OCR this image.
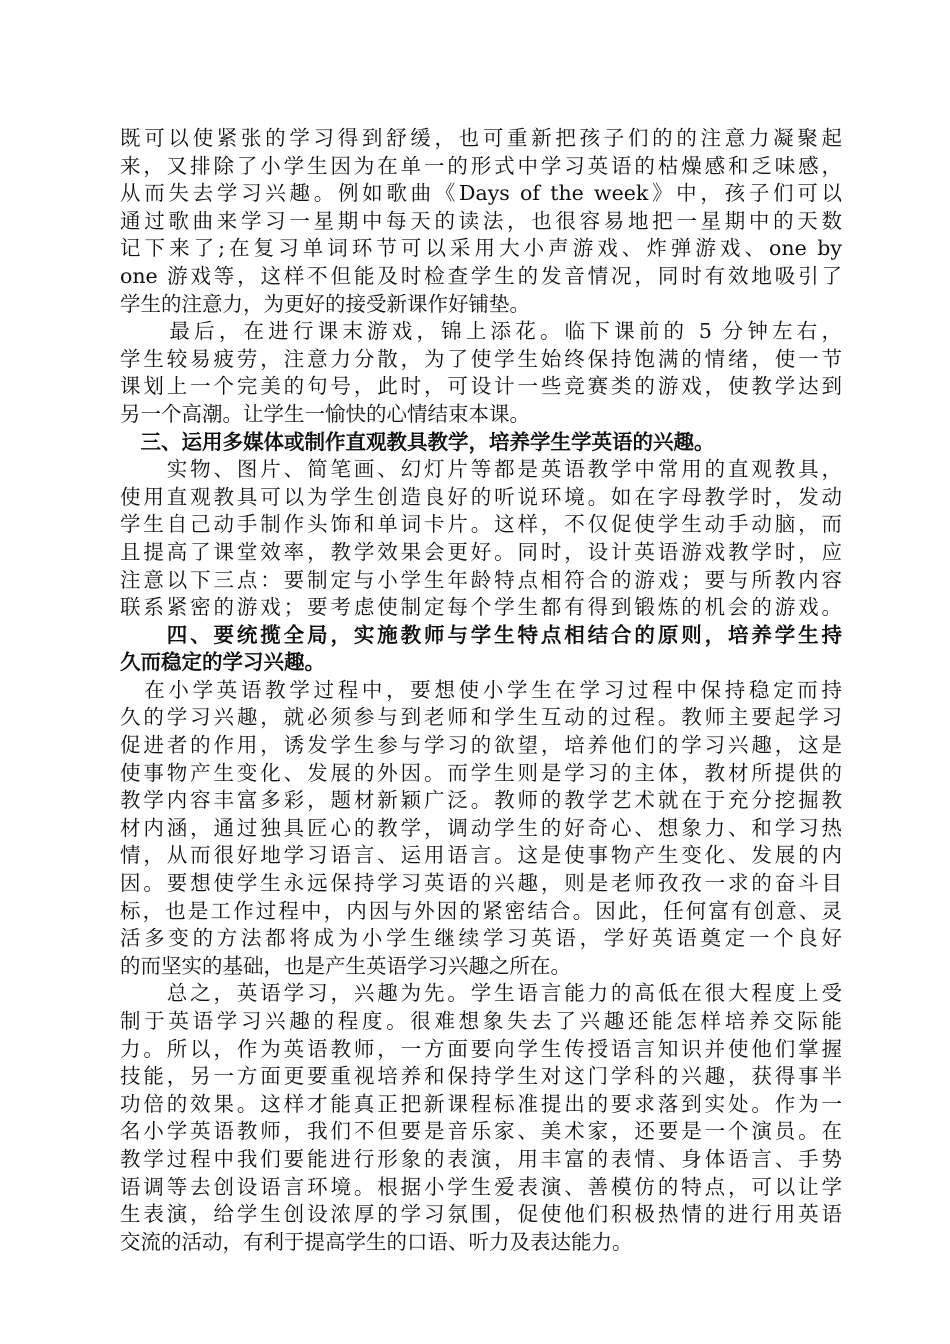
既可以使紧张的学习得到舒缓，也可重新把孩子们的的注意力凝聚起
来，又排除了小学生因为在单一的形式中学习英语的枯燥感和乏味感，
从而失去学习兴趣。例如歌曲《Days of the week》中，孩子们可以
通过歌曲来学习一星期中每天的读法，也很容易地把一星期中的天数
记下来了;在复习单词环节可以采用大小声游戏、炸弹游戏、one by
one 游戏等，这样不但能及时检查学生的发音情况，同时有效地吸引了
学生的注意力，为更好的接受新课作好铺垫。
　　最后，在进行课末游戏，锦上添花。临下课前的 5 分钟左右，
学生较易疲劳，注意力分散，为了使学生始终保持饱满的情绪，使一节
课划上一个完美的句号，此时，可设计一些竞赛类的游戏，使教学达到
另一个高潮。让学生一愉快的心情结束本课。
　三、运用多媒体或制作直观教具教学，培养学生学英语的兴趣。
　　实物、图片、简笔画、幻灯片等都是英语教学中常用的直观教具，
使用直观教具可以为学生创造良好的听说环境。如在字母教学时，发动
学生自己动手制作头饰和单词卡片。这样，不仅促使学生动手动脑，而
且提高了课堂效率，教学效果会更好。同时，设计英语游戏教学时，应
注意以下三点：要制定与小学生年龄特点相符合的游戏；要与所教内容
联系紧密的游戏；要考虑使制定每个学生都有得到锻炼的机会的游戏。
　　四、要统揽全局，实施教师与学生特点相结合的原则，培养学生持
久而稳定的学习兴趣。
　在小学英语教学过程中，要想使小学生在学习过程中保持稳定而持
久的学习兴趣，就必须参与到老师和学生互动的过程。教师主要起学习
促进者的作用，诱发学生参与学习的欲望，培养他们的学习兴趣，这是
使事物产生变化、发展的外因。而学生则是学习的主体，教材所提供的
教学内容丰富多彩，题材新颖广泛。教师的教学艺术就在于充分挖掘教
材内涵，通过独具匠心的教学，调动学生的好奇心、想象力、和学习热
情，从而很好地学习语言、运用语言。这是使事物产生变化、发展的内
因。要想使学生永远保持学习英语的兴趣，则是老师孜孜一求的奋斗目
标，也是工作过程中，内因与外因的紧密结合。因此，任何富有创意、灵
活多变的方法都将成为小学生继续学习英语，学好英语奠定一个良好
的而坚实的基础，也是产生英语学习兴趣之所在。
　　总之，英语学习，兴趣为先。学生语言能力的高低在很大程度上受
制于英语学习兴趣的程度。很难想象失去了兴趣还能怎样培养交际能
力。所以，作为英语教师，一方面要向学生传授语言知识并使他们掌握
技能，另一方面更要重视培养和保持学生对这门学科的兴趣，获得事半
功倍的效果。这样才能真正把新课程标准提出的要求落到实处。作为一
名小学英语教师，我们不但要是音乐家、美术家，还要是一个演员。在
教学过程中我们要能进行形象的表演，用丰富的表情、身体语言、手势
语调等去创设语言环境。根据小学生爱表演、善模仿的特点，可以让学
生表演，给学生创设浓厚的学习氛围，促使他们积极热情的进行用英语
交流的活动，有利于提高学生的口语、听力及表达能力。
